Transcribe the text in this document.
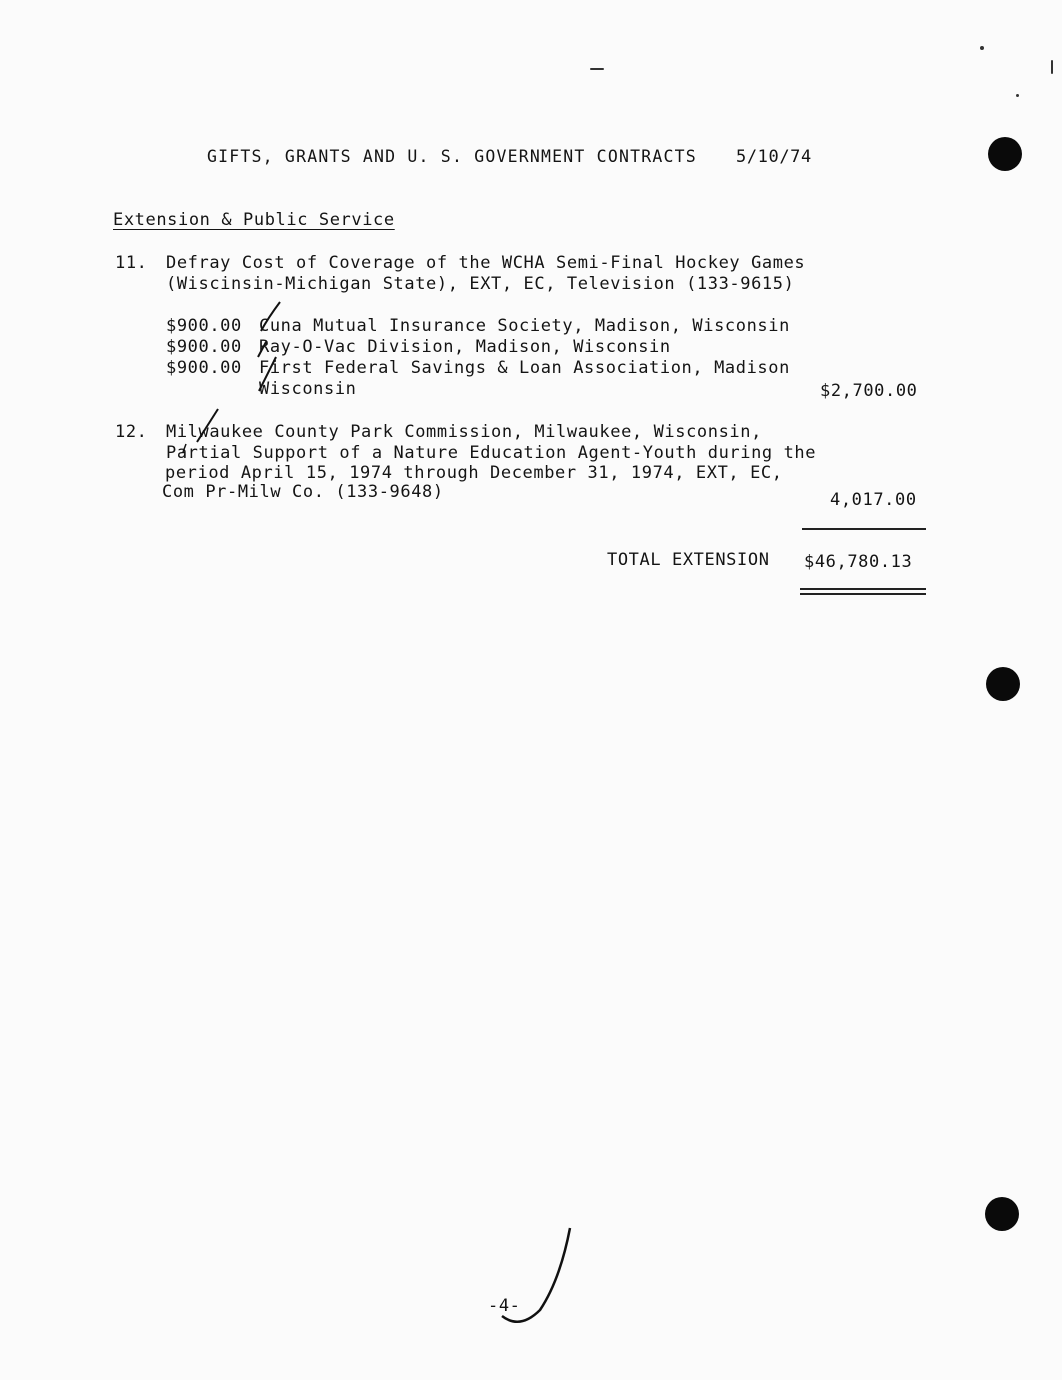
GIFTS, GRANTS AND U. S. GOVERNMENT CONTRACTS 5/10/74
Extension & Public Service
11. Defray Cost of Coverage of the WCHA Semi-Final Hockey Games
(Wiscinsin-Michigan State), EXT, EC, Television (133-9615)
$900.00 Cuna Mutual Insurance Society, Madison, Wisconsin
$900.00 Ray-O-Vac Division, Madison, Wisconsin
$900.00 First Federal Savings & Loan Association, Madison
Wisconsin	$2,700.00
12. Milwaukee County Park Commission, Milwaukee, Wisconsin,
Partial Support of a Nature Education Agent-Youth during the
period April 15, 1974 through December 31, 1974, EXT, EC,
Com Pr-Milw Co. (133-9648)	4,017.00
TOTAL EXTENSION $46,780.13
-4-
